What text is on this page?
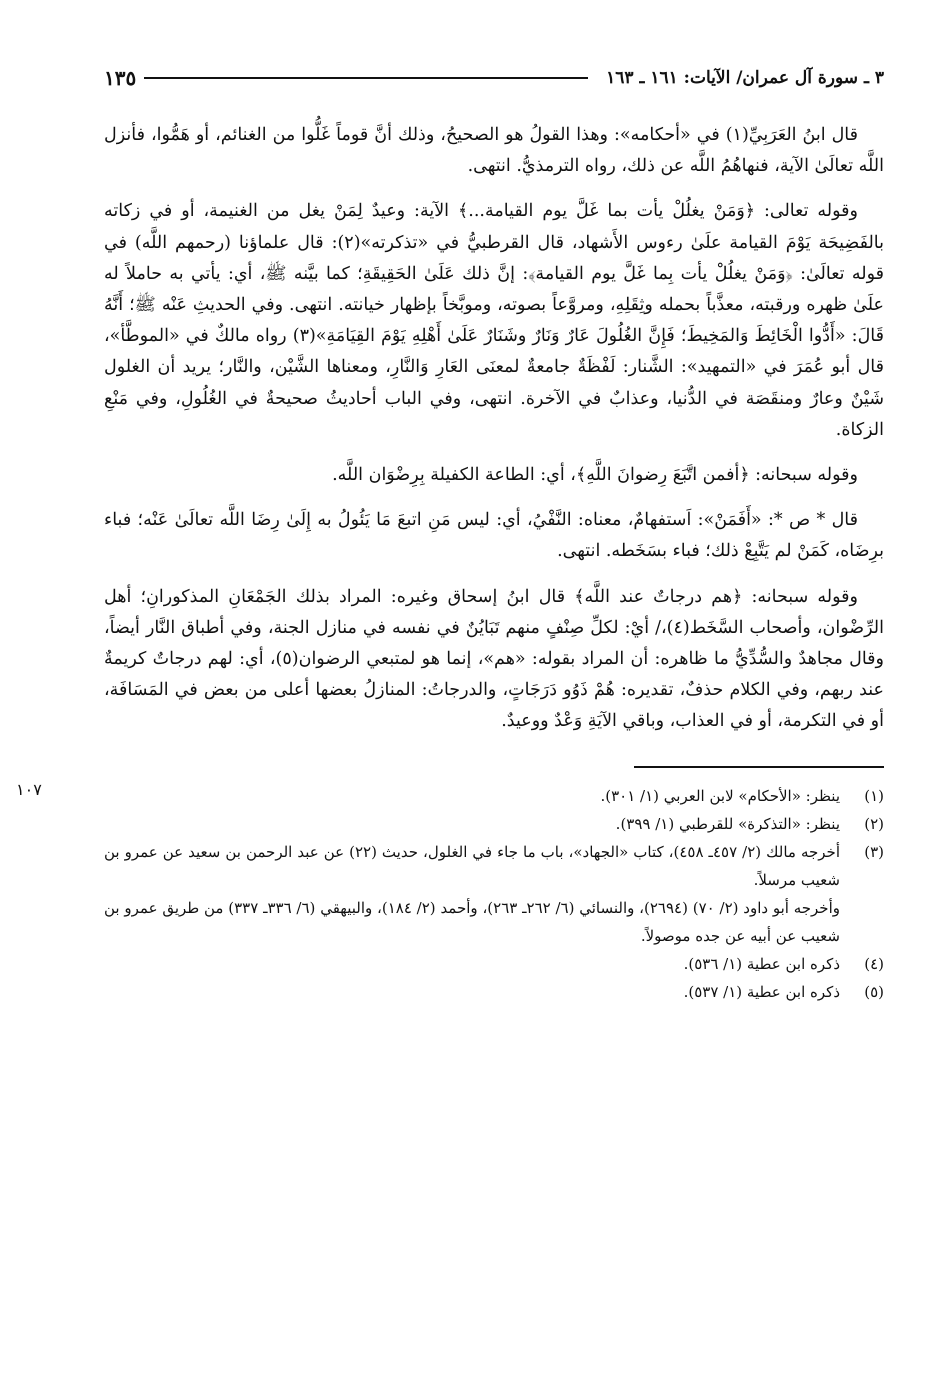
٣ ـ سورة آل عمران/ الآيات: ١٦١ ـ ١٦٣
١٣٥

قال ابنُ العَرَبِيِّ(١) في «أحكامه»: وهذا القولُ هو الصحيحُ، وذلك أنَّ قوماً غَلُّوا من الغنائم، أو هَمُّوا، فأنزل اللَّه تعالَىٰ الآية، فنهاهُمُ اللَّه عن ذلك، رواه الترمذيُّ. انتهى.

وقوله تعالى: ﴿وَمَنْ يغلُلْ يأت بما غَلَّ يوم القيامة...﴾ الآية: وعيدٌ لِمَنْ يغل من الغنيمة، أو في زكاته بالفَضِيحَة يَوْمَ القيامة علَىٰ رءوس الأَشهاد، قال القرطبيُّ في «تذكرته»(٢): قال علماؤنا (رحمهم اللَّه) في قوله تعالَىٰ: ﴿وَمَنْ يغلُلْ يأت بِما غَلَّ يوم القيامة﴾: إنَّ ذلك عَلَىٰ الحَقِيقَةِ؛ كما بيَّنه ﷺ، أي: يأتي به حاملاً له علَىٰ ظهره ورقبته، معذَّباً بحمله وثِقَلِهِ، ومروَّعاً بصوته، وموبَّخاً بإظهار خيانته. انتهى. وفي الحديثِ عَنْه ﷺ؛ أَنَّهُ قَالَ: «أَدُّوا الْخَائِطَ وَالمَخِيطَ؛ فَإِنَّ الغُلُولَ عَارٌ وَنَارٌ وشَنَارٌ عَلَىٰ أَهْلِهِ يَوْمَ القِيَامَةِ»(٣) رواه مالكٌ في «الموطَّأ»، قال أبو عُمَرَ في «التمهيد»: الشَّنار: لَفْظَةٌ جامعةٌ لمعنَى العَارِ وَالنَّارِ، ومعناها الشَّيْن، والنَّار؛ يريد أن الغلول شَيْنٌ وعارٌ ومنقَصَة في الدُّنيا، وعذابٌ في الآخرة. انتهى، وفي الباب أحاديثُ صحيحةٌ في الغُلُولِ، وفي مَنْعِ الزكاة.

وقوله سبحانه: ﴿أفمن اتَّبَعَ رِضوانَ اللَّهِ﴾، أي: الطاعة الكفيلة بِرِضْوَان اللَّه.

قال * ص *: «أَفَمَنْ»: اَستفهامٌ، معناه: النَّفْيُ، أي: ليس مَنِ اتبعَ مَا يَئُولُ به إِلَىٰ رِضَا اللَّه تعالَىٰ عَنْه؛ فباء برِضَاه، كَمَنْ لم يَتَّبِعْ ذلك؛ فباء بسَخَطه. انتهى.

وقوله سبحانه: ﴿هم درجاتٌ عند اللَّه﴾ قال ابنُ إسحاق وغيره: المراد بذلك الجَمْعَانِ المذكورانِ؛ أهل الرِّضْوان، وأصحاب السَّخَط(٤)،/ أيْ: لكلِّ صِنْفٍ منهم تَبَايُنٌ في نفسه في منازل الجنة، وفي أطباق النَّار أيضاً، وقال مجاهدٌ والسُّدِّيُّ ما ظاهره: أن المراد بقوله: «هم»، إنما هو لمتبعي الرضوان(٥)، أي: لهم درجاتٌ كريمةٌ عند ربهم، وفي الكلام حذفٌ، تقديره: هُمْ ذَوُو دَرَجَاتٍ، والدرجاتُ: المنازلُ بعضها أعلى من بعض في المَسَافَة، أو في التكرمة، أو في العذاب، وباقي الآيَةِ وَعْدٌ ووعيدٌ.

١٠٧	(١)
ينظر: «الأحكام» لابن العربي (١/ ٣٠١).
(٢)
ينظر: «التذكرة» للقرطبي (١/ ٣٩٩).
(٣)
أخرجه مالك (٢/ ٤٥٧ـ ٤٥٨)، كتاب «الجهاد»، باب ما جاء في الغلول، حديث (٢٢) عن عبد الرحمن بن سعيد عن عمرو بن شعيب مرسلاً.
وأخرجه أبو داود (٢/ ٧٠) (٢٦٩٤)، والنسائي (٦/ ٢٦٢ـ ٢٦٣)، وأحمد (٢/ ١٨٤)، والبيهقي (٦/ ٣٣٦ـ ٣٣٧) من طريق عمرو بن شعيب عن أبيه عن جده موصولاً.
(٤)
ذكره ابن عطية (١/ ٥٣٦).
(٥)
ذكره ابن عطية (١/ ٥٣٧).
